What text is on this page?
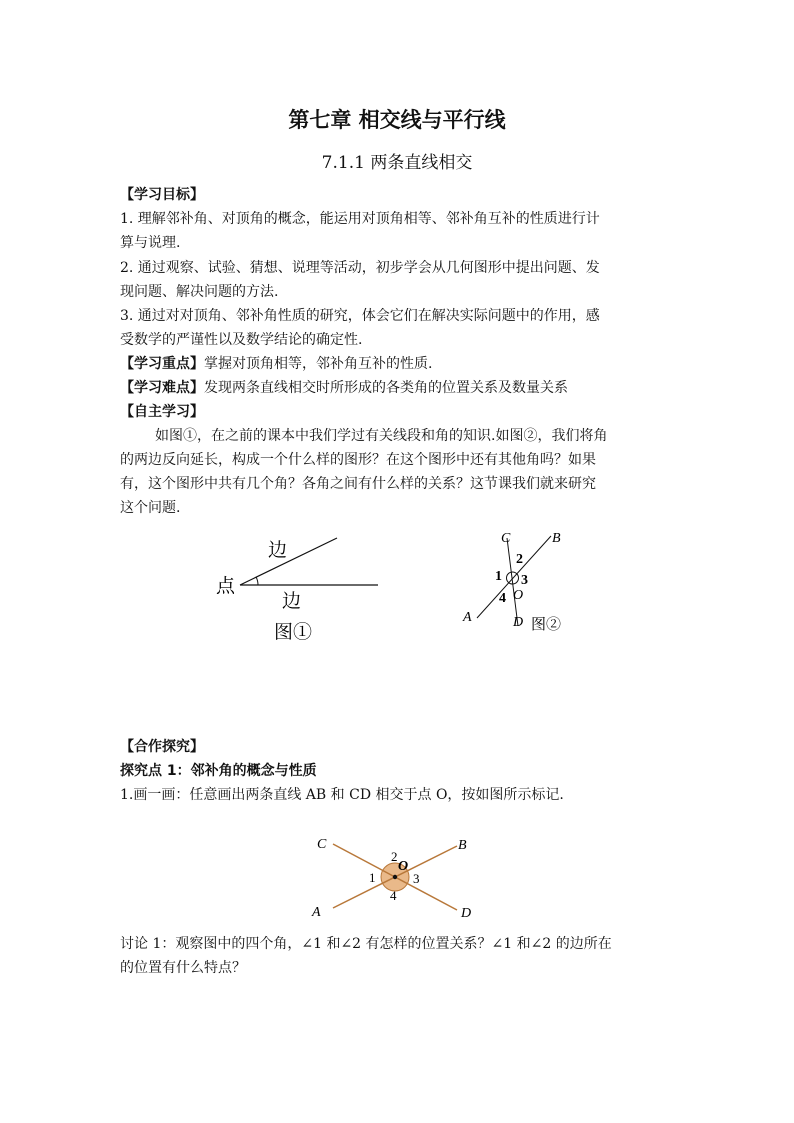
第七章 相交线与平行线
7.1.1 两条直线相交
【学习目标】
1. 理解邻补角、对顶角的概念，能运用对顶角相等、邻补角互补的性质进行计
算与说理.
2. 通过观察、试验、猜想、说理等活动，初步学会从几何图形中提出问题、发
现问题、解决问题的方法.
3. 通过对对顶角、邻补角性质的研究，体会它们在解决实际问题中的作用，感
受数学的严谨性以及数学结论的确定性.
【学习重点】掌握对顶角相等，邻补角互补的性质.
【学习难点】发现两条直线相交时所形成的各类角的位置关系及数量关系
【自主学习】
如图①，在之前的课本中我们学过有关线段和角的知识.如图②，我们将角
的两边反向延长，构成一个什么样的图形？在这个图形中还有其他角吗？如果
有，这个图形中共有几个角？各角之间有什么样的关系？这节课我们就来研究
这个问题.
边
点
边
图①
C	B
A	D
O
1
2
3
4
图②
【合作探究】
探究点 1：邻补角的概念与性质
1.画一画：任意画出两条直线 AB 和 CD 相交于点 O，按如图所示标记.
C	B
A	D
O
2
1	3
4
讨论 1：观察图中的四个角，∠1 和∠2 有怎样的位置关系？∠1 和∠2 的边所在
的位置有什么特点？
